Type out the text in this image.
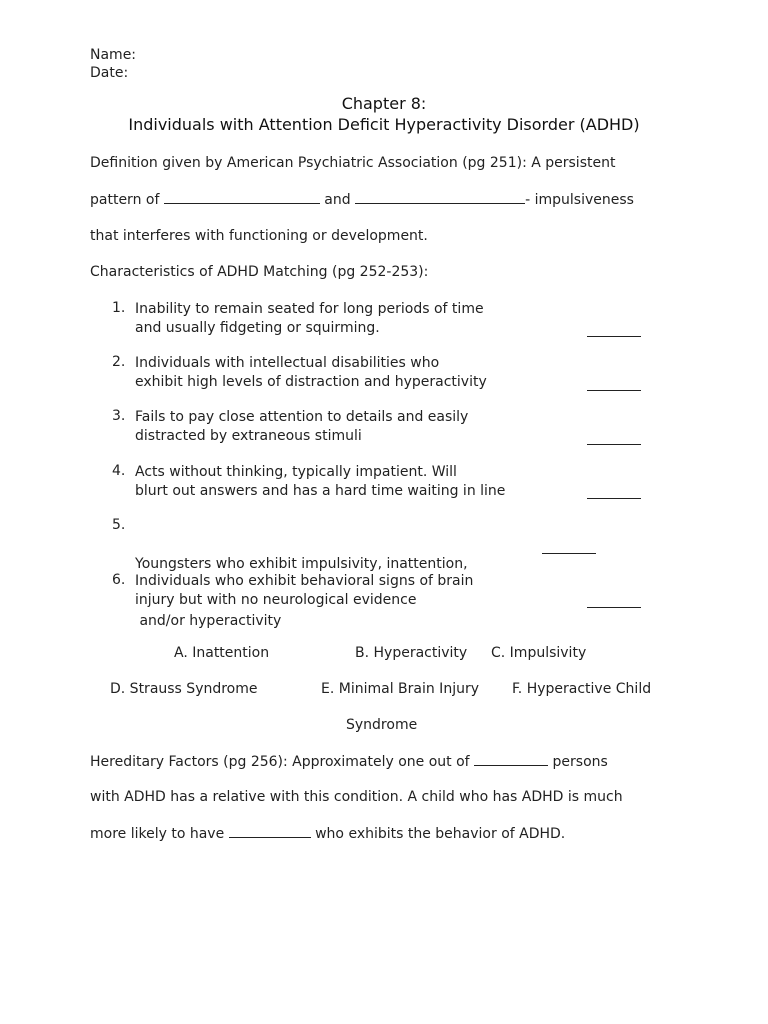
Name:
Date:
Chapter 8:
Individuals with Attention Deficit Hyperactivity Disorder (ADHD)
Definition given by American Psychiatric Association (pg 251): A persistent
pattern of	and	- impulsiveness
that interferes with functioning or development.
Characteristics of ADHD Matching (pg 252-253):
1. Inability to remain seated for long periods of time
and usually fidgeting or squirming.
2. Individuals with intellectual disabilities who
exhibit high levels of distraction and hyperactivity
3. Fails to pay close attention to details and easily
distracted by extraneous stimuli
4. Acts without thinking, typically impatient. Will
blurt out answers and has a hard time waiting in line
5.

Youngsters who exhibit impulsivity, inattention,

and/or hyperactivity

6. Individuals who exhibit behavioral signs of brain
injury but with no neurological evidence
A. Inattention	B. Hyperactivity C. Impulsivity
D. Strauss Syndrome	E. Minimal Brain Injury F. Hyperactive Child
Syndrome
Hereditary Factors (pg 256): Approximately one out of	persons
with ADHD has a relative with this condition. A child who has ADHD is much
more likely to have	who exhibits the behavior of ADHD.
